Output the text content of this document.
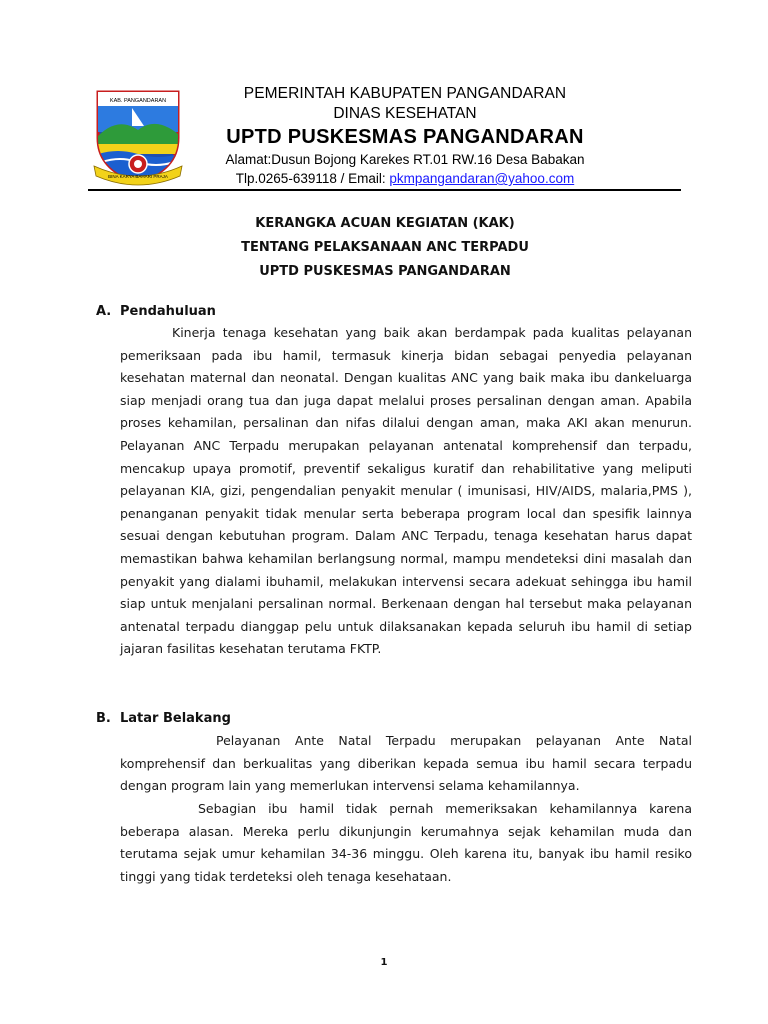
KAB. PANGANDARAN
BINA KARYA BAHARI PRAJA
PEMERINTAH KABUPATEN PANGANDARAN
DINAS KESEHATAN
UPTD PUSKESMAS PANGANDARAN
Alamat:Dusun Bojong Karekes RT.01 RW.16 Desa Babakan
Tlp.0265-639118 / Email: pkmpangandaran@yahoo.com
KERANGKA ACUAN KEGIATAN (KAK)
TENTANG PELAKSANAAN ANC TERPADU
UPTD PUSKESMAS PANGANDARAN
A. Pendahuluan

Kinerja tenaga kesehatan yang baik akan berdampak pada kualitas pelayanan pemeriksaan pada ibu hamil, termasuk kinerja bidan sebagai penyedia pelayanan kesehatan maternal dan neonatal. Dengan kualitas ANC yang baik maka ibu dankeluarga siap menjadi orang tua dan juga dapat melalui proses persalinan dengan aman. Apabila proses kehamilan, persalinan dan nifas dilalui dengan aman, maka AKI akan menurun. Pelayanan ANC Terpadu merupakan pelayanan antenatal komprehensif dan terpadu, mencakup upaya promotif, preventif sekaligus kuratif dan rehabilitative yang meliputi pelayanan KIA, gizi, pengendalian penyakit menular ( imunisasi, HIV/AIDS, malaria,PMS ), penanganan penyakit tidak menular serta beberapa program local dan spesifik lainnya sesuai dengan kebutuhan program. Dalam ANC Terpadu, tenaga kesehatan harus dapat memastikan bahwa kehamilan berlangsung normal, mampu mendeteksi dini masalah dan penyakit yang dialami ibuhamil, melakukan intervensi secara adekuat sehingga ibu hamil siap untuk menjalani persalinan normal. Berkenaan dengan hal tersebut maka pelayanan antenatal terpadu dianggap pelu untuk dilaksanakan kepada seluruh ibu hamil di setiap jajaran fasilitas kesehatan terutama FKTP.

B. Latar Belakang

Pelayanan Ante Natal Terpadu merupakan pelayanan Ante Natal komprehensif dan berkualitas yang diberikan kepada semua ibu hamil secara terpadu dengan program lain yang memerlukan intervensi selama kehamilannya.

Sebagian ibu hamil tidak pernah memeriksakan kehamilannya karena beberapa alasan. Mereka perlu dikunjungin kerumahnya sejak kehamilan muda dan terutama sejak umur kehamilan 34-36 minggu. Oleh karena itu, banyak ibu hamil resiko tinggi yang tidak terdeteksi oleh tenaga kesehataan.

1
